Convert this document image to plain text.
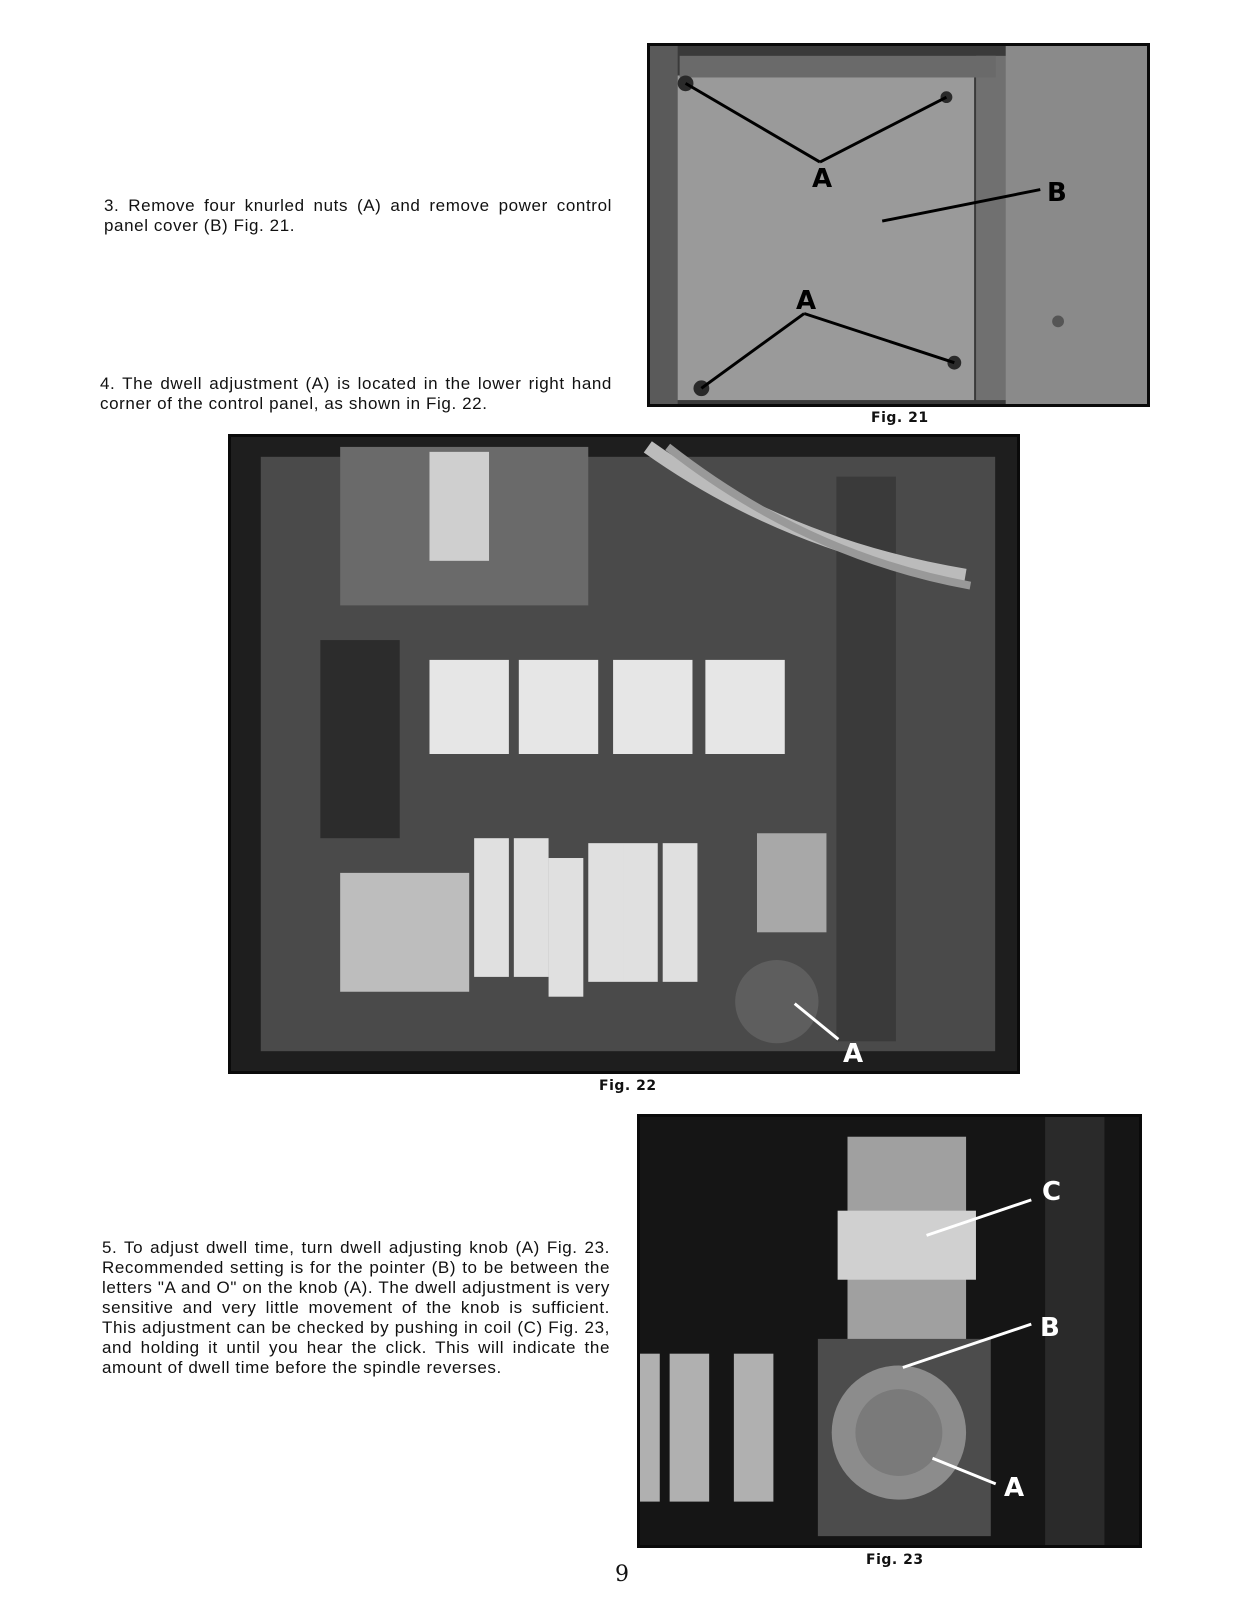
3. Remove four knurled nuts (A) and remove power control panel cover (B) Fig. 21.
4. The dwell adjustment (A) is located in the lower right hand corner of the control panel, as shown in Fig. 22.
5. To adjust dwell time, turn dwell adjusting knob (A) Fig. 23. Recommended setting is for the pointer (B) to be between the letters "A and O" on the knob (A). The dwell adjustment is very sensitive and very little movement of the knob is sufficient. This adjustment can be checked by pushing in coil (C) Fig. 23, and holding it until you hear the click. This will indicate the amount of dwell time before the spindle reverses.
A
A
B
Fig. 21
A
Fig. 22
C
B
A
Fig. 23
9
